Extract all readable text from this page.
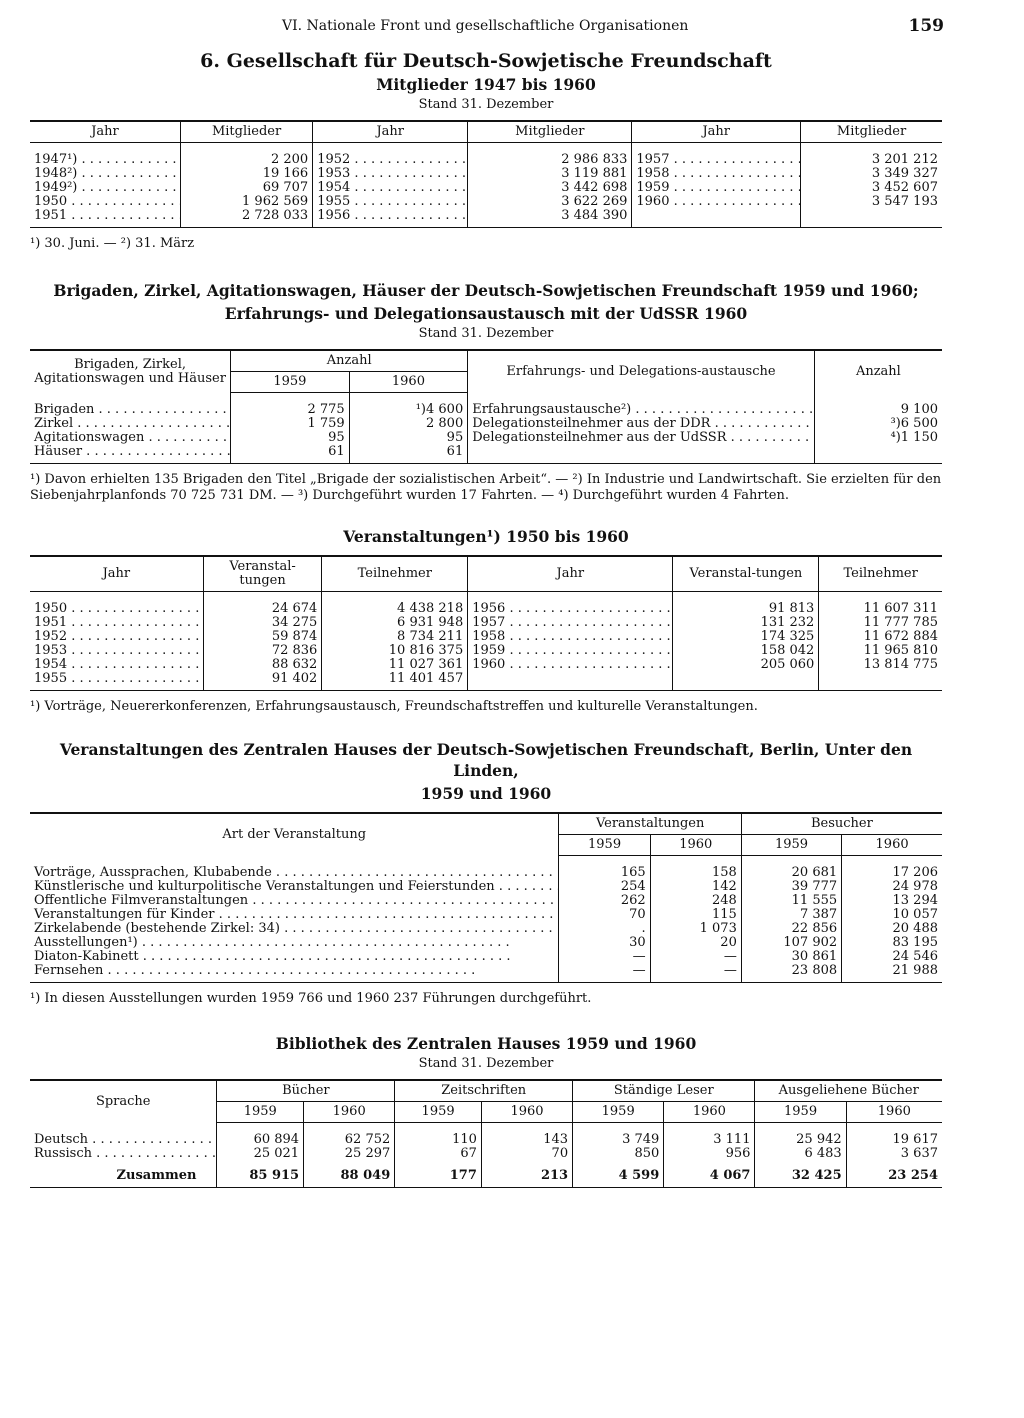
VI. Nationale Front und gesellschaftliche Organisationen	159
6. Gesellschaft für Deutsch-Sowjetische Freundschaft
Mitglieder 1947 bis 1960
Stand 31. Dezember
Jahr	Mitglieder	Jahr	Mitglieder	Jahr	Mitglieder
1947¹) . . .	2 200	1952 . . .	2 986 833	1957 . . .	3 201 212
1948²) . . .	19 166	1953 . . .	3 119 881	1958 . . .	3 349 327
1949²) . . .	69 707	1954 . . .	3 442 698	1959 . . .	3 452 607
1950 . . .	1 962 569	1955 . . .	3 622 269	1960 . . .	3 547 193
1951 . . .	2 728 033	1956 . . .	3 484 390		
¹) 30. Juni. — ²) 31. März
Brigaden, Zirkel, Agitationswagen, Häuser der Deutsch-Sowjetischen Freundschaft 1959 und 1960;
Erfahrungs- und Delegationsaustausch mit der UdSSR 1960
Stand 31. Dezember
Brigaden, Zirkel, Agitationswagen und Häuser	Anzahl		Erfahrungs- und Delegations-austausche	Anzahl
	1959	1960		
Brigaden . . .	2 775	¹)4 600	Erfahrungsaustausche²) . . .	9 100
Zirkel . . .	1 759	2 800	Delegationsteilnehmer aus der DDR . . .	³)6 500
Agitationswagen . . .	95	95	Delegationsteilnehmer aus der UdSSR . . .	⁴)1 150
Häuser . . .	61	61		
¹) Davon erhielten 135 Brigaden den Titel „Brigade der sozialistischen Arbeit“. — ²) In Industrie und Landwirtschaft. Sie erzielten für den Siebenjahrplanfonds 70 725 731 DM. — ³) Durchgeführt wurden 17 Fahrten. — ⁴) Durchgeführt wurden 4 Fahrten.
Veranstaltungen¹) 1950 bis 1960
Jahr	Veranstal-tungen	Teilnehmer	Jahr	Veranstal-tungen	Teilnehmer
1950 . . .	24 674	4 438 218	1956 . . .	91 813	11 607 311
1951 . . .	34 275	6 931 948	1957 . . .	131 232	11 777 785
1952 . . .	59 874	8 734 211	1958 . . .	174 325	11 672 884
1953 . . .	72 836	10 816 375	1959 . . .	158 042	11 965 810
1954 . . .	88 632	11 027 361	1960 . . .	205 060	13 814 775
1955 . . .	91 402	11 401 457			
¹) Vorträge, Neuererkonferenzen, Erfahrungsaustausch, Freundschaftstreffen und kulturelle Veranstaltungen.
Veranstaltungen des Zentralen Hauses der Deutsch-Sowjetischen Freundschaft, Berlin, Unter den Linden,
1959 und 1960
Art der Veranstaltung	Veranstaltungen		Besucher	
	1959	1960	1959	1960
Vorträge, Aussprachen, Klubabende . . .	165	158	20 681	17 206
Künstlerische und kulturpolitische Veranstaltungen und Feierstunden . . .	254	142	39 777	24 978
Öffentliche Filmveranstaltungen . . .	262	248	11 555	13 294
Veranstaltungen für Kinder . . .	70	115	7 387	10 057
Zirkelabende (bestehende Zirkel: 34) . . .	.	1 073	22 856	20 488
Ausstellungen¹) . . .	30	20	107 902	83 195
Diaton-Kabinett . . .	—	—	30 861	24 546
Fernsehen . . .	—	—	23 808	21 988
¹) In diesen Ausstellungen wurden 1959 766 und 1960 237 Führungen durchgeführt.
Bibliothek des Zentralen Hauses 1959 und 1960
Stand 31. Dezember
Sprache	Bücher		Zeitschriften		Ständige Leser		Ausgeliehene Bücher	
	1959	1960	1959	1960	1959	1960	1959	1960
Deutsch . . .	60 894	62 752	110	143	3 749	3 111	25 942	19 617
Russisch . . .	25 021	25 297	67	70	850	956	6 483	3 637
Zusammen	85 915	88 049	177	213	4 599	4 067	32 425	23 254
